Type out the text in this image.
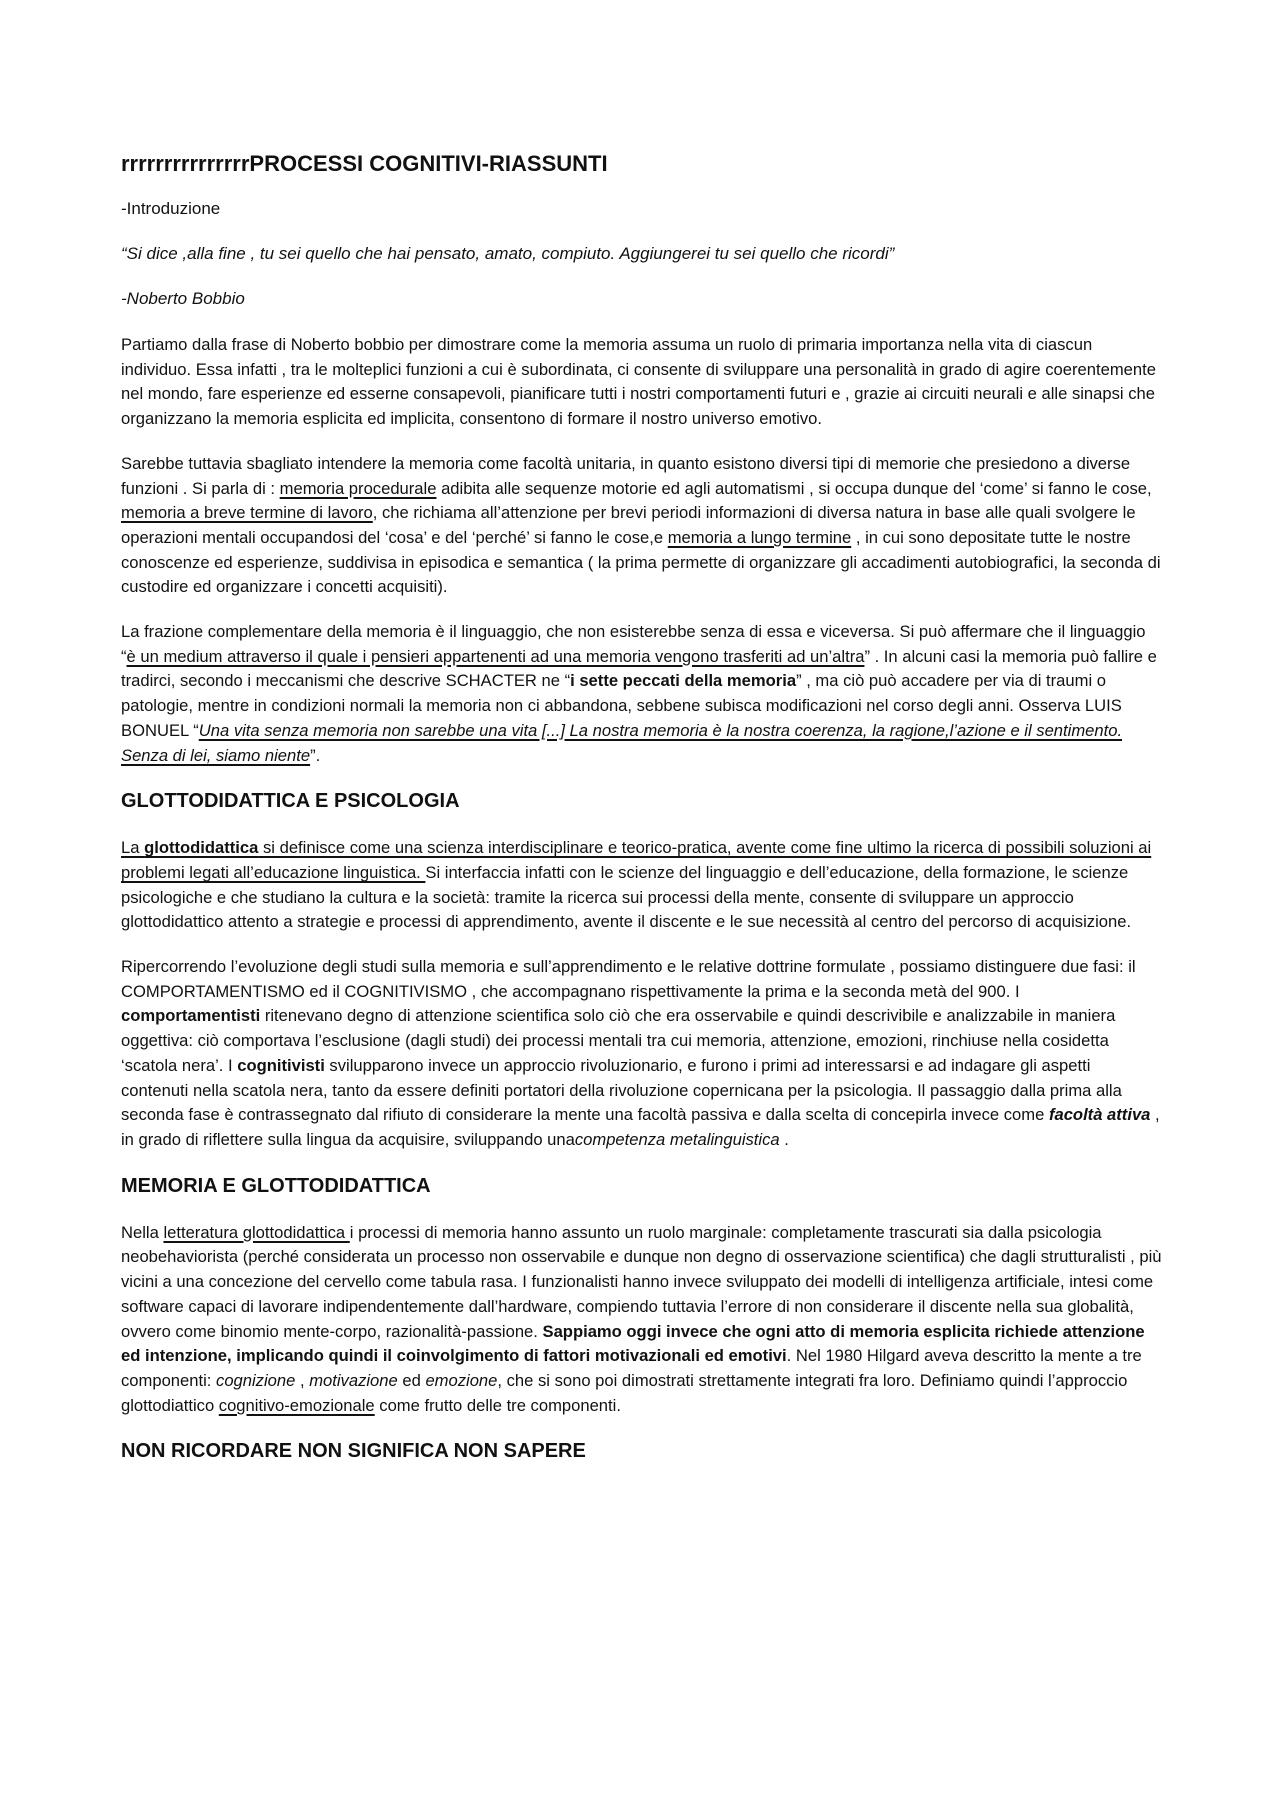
rrrrrrrrrrrrrrrPROCESSI COGNITIVI-RIASSUNTI
-Introduzione
“Si dice ,alla fine , tu sei quello che hai pensato, amato, compiuto. Aggiungerei tu sei quello che ricordi”
-Noberto Bobbio

Partiamo dalla frase di Noberto bobbio per dimostrare come la memoria assuma un ruolo di primaria importanza nella vita di ciascun individuo. Essa infatti , tra le molteplici funzioni a cui è subordinata, ci consente di sviluppare una personalità in grado di agire coerentemente nel mondo, fare esperienze ed esserne consapevoli, pianificare tutti i nostri comportamenti futuri e , grazie ai circuiti neurali e alle sinapsi che organizzano la memoria esplicita ed implicita, consentono di formare il nostro universo emotivo.

Sarebbe tuttavia sbagliato intendere la memoria come facoltà unitaria, in quanto esistono diversi tipi di memorie che presiedono a diverse funzioni . Si parla di : memoria procedurale adibita alle sequenze motorie ed agli automatismi , si occupa dunque del ‘come’ si fanno le cose, memoria a breve termine di lavoro, che richiama all’attenzione per brevi periodi informazioni di diversa natura in base alle quali svolgere le operazioni mentali occupandosi del ‘cosa’ e del ‘perché’ si fanno le cose,e memoria a lungo termine , in cui sono depositate tutte le nostre conoscenze ed esperienze, suddivisa in episodica e semantica ( la prima permette di organizzare gli accadimenti autobiografici, la seconda di custodire ed organizzare i concetti acquisiti).

La frazione complementare della memoria è il linguaggio, che non esisterebbe senza di essa e viceversa. Si può affermare che il linguaggio “è un medium attraverso il quale i pensieri appartenenti ad una memoria vengono trasferiti ad un’altra” . In alcuni casi la memoria può fallire e tradirci, secondo i meccanismi che descrive SCHACTER ne “i sette peccati della memoria” , ma ciò può accadere per via di traumi o patologie, mentre in condizioni normali la memoria non ci abbandona, sebbene subisca modificazioni nel corso degli anni. Osserva LUIS BONUEL “Una vita senza memoria non sarebbe una vita [...] La nostra memoria è la nostra coerenza, la ragione,l’azione e il sentimento. Senza di lei, siamo niente”.

GLOTTODIDATTICA E PSICOLOGIA

La glottodidattica si definisce come una scienza interdisciplinare e teorico-pratica, avente come fine ultimo la ricerca di possibili soluzioni ai problemi legati all’educazione linguistica. Si interfaccia infatti con le scienze del linguaggio e dell’educazione, della formazione, le scienze psicologiche e che studiano la cultura e la società: tramite la ricerca sui processi della mente, consente di sviluppare un approccio glottodidattico attento a strategie e processi di apprendimento, avente il discente e le sue necessità al centro del percorso di acquisizione.

Ripercorrendo l’evoluzione degli studi sulla memoria e sull’apprendimento e le relative dottrine formulate , possiamo distinguere due fasi: il COMPORTAMENTISMO ed il COGNITIVISMO , che accompagnano rispettivamente la prima e la seconda metà del 900. I comportamentisti ritenevano degno di attenzione scientifica solo ciò che era osservabile e quindi descrivibile e analizzabile in maniera oggettiva: ciò comportava l’esclusione (dagli studi) dei processi mentali tra cui memoria, attenzione, emozioni, rinchiuse nella cosidetta ‘scatola nera’. I cognitivisti svilupparono invece un approccio rivoluzionario, e furono i primi ad interessarsi e ad indagare gli aspetti contenuti nella scatola nera, tanto da essere definiti portatori della rivoluzione copernicana per la psicologia. Il passaggio dalla prima alla seconda fase è contrassegnato dal rifiuto di considerare la mente una facoltà passiva e dalla scelta di concepirla invece come facoltà attiva , in grado di riflettere sulla lingua da acquisire, sviluppando unacompetenza metalinguistica .

MEMORIA E GLOTTODIDATTICA

Nella letteratura glottodidattica i processi di memoria hanno assunto un ruolo marginale: completamente trascurati sia dalla psicologia neobehaviorista (perché considerata un processo non osservabile e dunque non degno di osservazione scientifica) che dagli strutturalisti , più vicini a una concezione del cervello come tabula rasa. I funzionalisti hanno invece sviluppato dei modelli di intelligenza artificiale, intesi come software capaci di lavorare indipendentemente dall’hardware, compiendo tuttavia l’errore di non considerare il discente nella sua globalità, ovvero come binomio mente-corpo, razionalità-passione. Sappiamo oggi invece che ogni atto di memoria esplicita richiede attenzione ed intenzione, implicando quindi il coinvolgimento di fattori motivazionali ed emotivi. Nel 1980 Hilgard aveva descritto la mente a tre componenti: cognizione , motivazione ed emozione, che si sono poi dimostrati strettamente integrati fra loro. Definiamo quindi l’approccio glottodiattico cognitivo-emozionale come frutto delle tre componenti.

NON RICORDARE NON SIGNIFICA NON SAPERE
